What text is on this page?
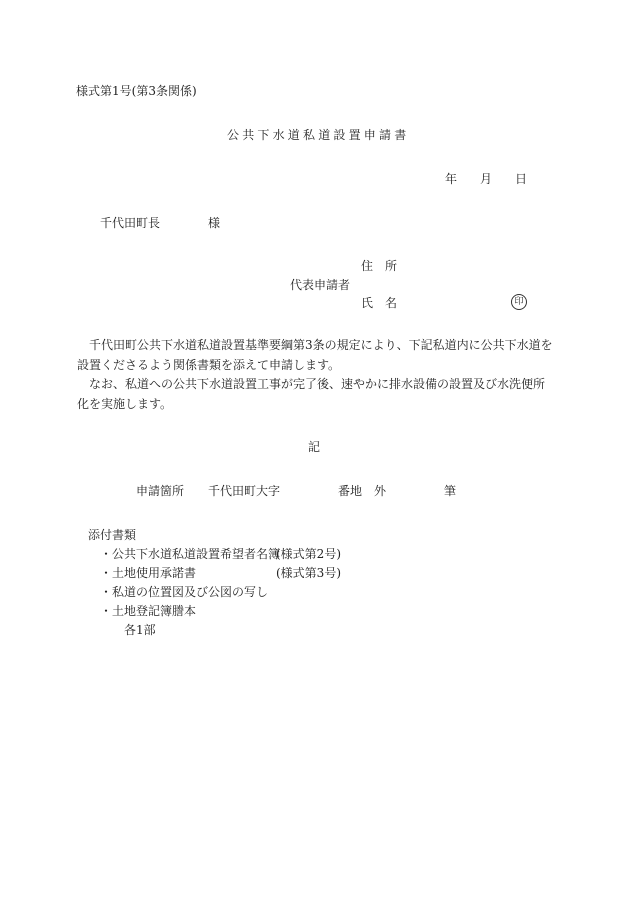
様式第1号(第3条関係)
公共下水道私道設置申請書
年 月 日
千代田町長	様
住　所
代表申請者
氏　名	印
　千代田町公共下水道私道設置基準要綱第3条の規定により、下記私道内に公共下水道を設置くださるよう関係書類を添えて申請します。
　なお、私道への公共下水道設置工事が完了後、速やかに排水設備の設置及び水洗便所化を実施します。
記
申請箇所 千代田町大字	番地　外	筆
添付書類
・公共下水道私道設置希望者名簿
(様式第2号)
・土地使用承諾書	(様式第3号)
・私道の位置図及び公図の写し
・土地登記簿謄本
各1部
